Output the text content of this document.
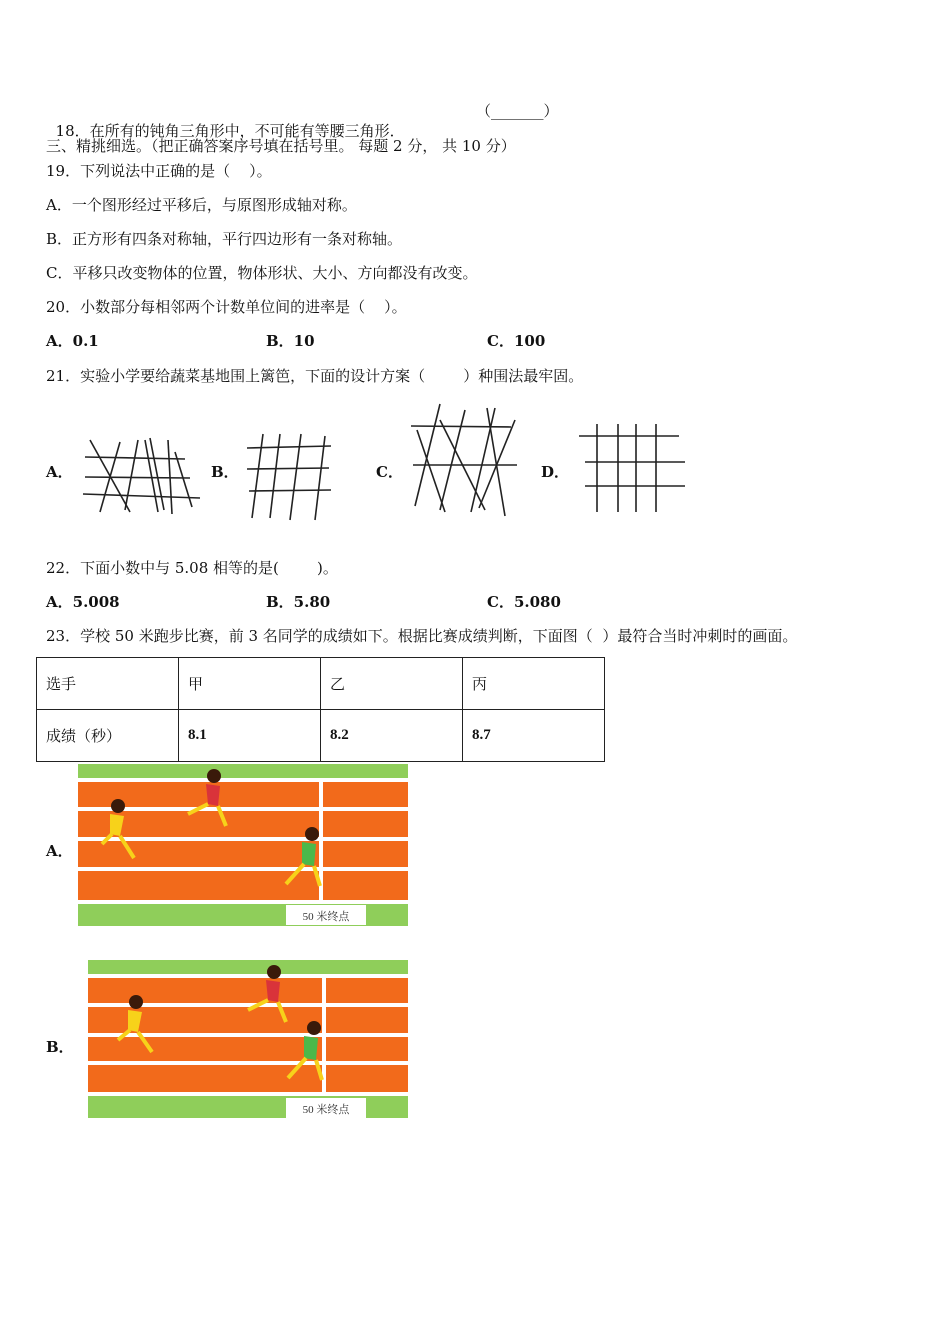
18．在所有的钝角三角形中，不可能有等腰三角形．

（_______）
三、精挑细选。（把正确答案序号填在括号里。 每题 2 分， 共 10 分）
19．下列说法中正确的是（    ）。
A．一个图形经过平移后，与原图形成轴对称。
B．正方形有四条对称轴，平行四边形有一条对称轴。
C．平移只改变物体的位置，物体形状、大小、方向都没有改变。
20．小数部分每相邻两个计数单位间的进率是（    ）。
A．0.1	B．10	C．100
21．实验小学要给蔬菜基地围上篱笆，下面的设计方案（        ）种围法最牢固。
A．	B．	C．	D．
22．下面小数中与 5.08 相等的是(        )。
A．5.008	B．5.80	C．5.080
23．学校 50 米跑步比赛，前 3 名同学的成绩如下。根据比赛成绩判断，下面图（  ）最符合当时冲刺时的画面。
选手	甲	乙	丙
成绩（秒）	8.1	8.2	8.7
A．
50 米终点
B．
50 米终点
